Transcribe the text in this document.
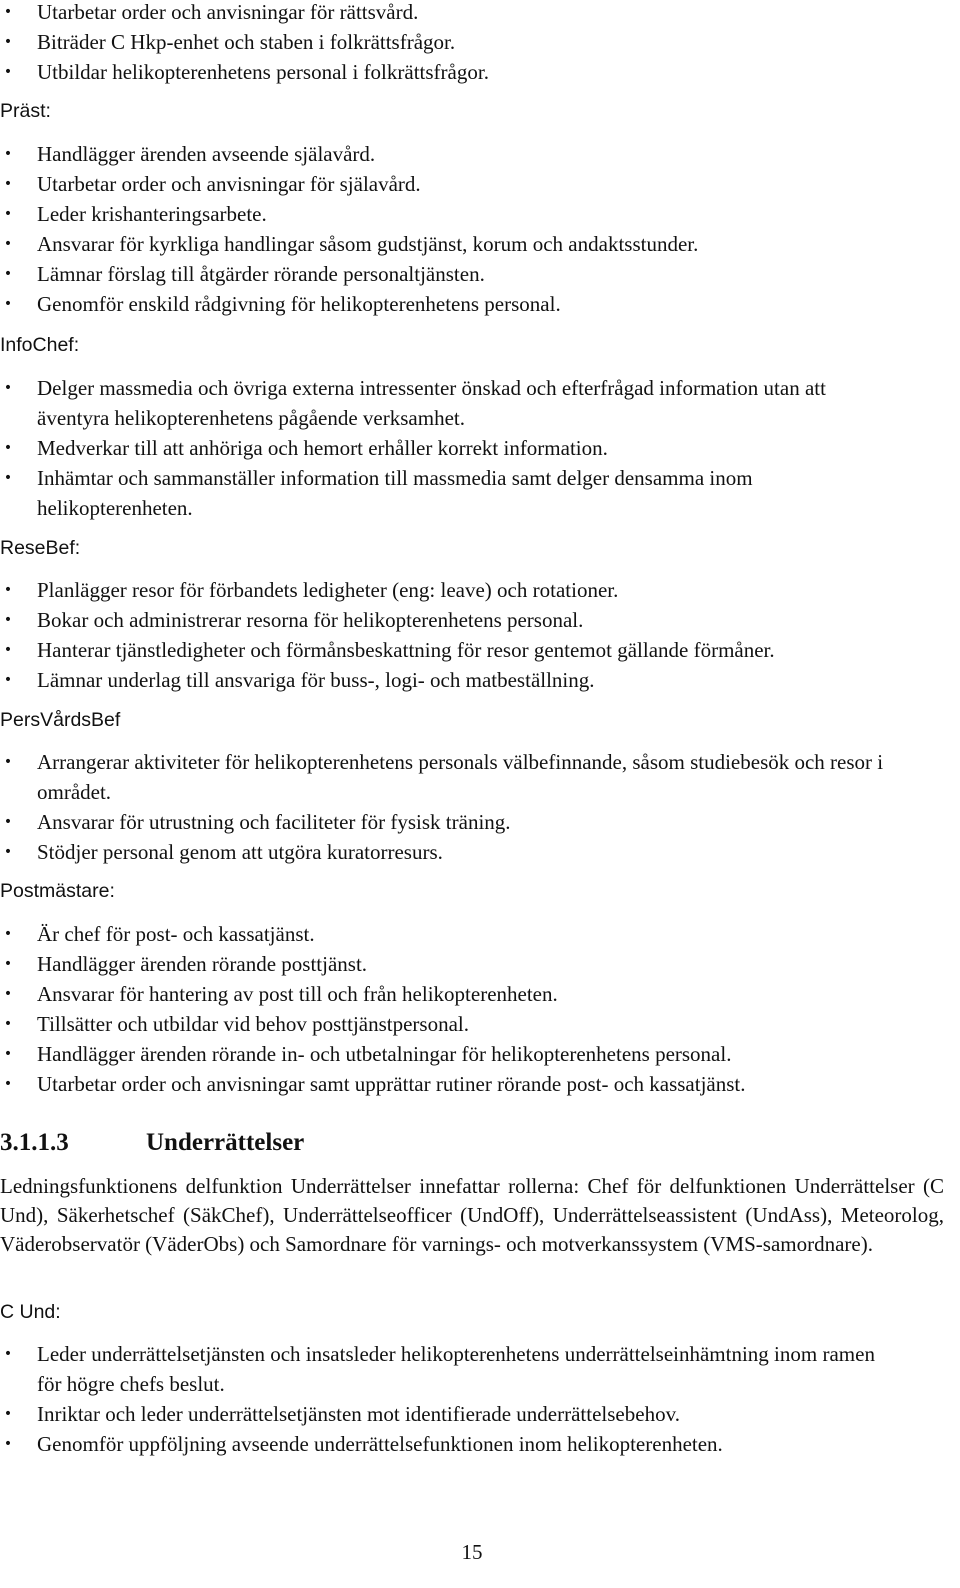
• Utarbetar order och anvisningar för rättsvård.
• Biträder C Hkp-enhet och staben i folkrättsfrågor.
• Utbildar helikopterenhetens personal i folkrättsfrågor.
Präst:
• Handlägger ärenden avseende själavård.
• Utarbetar order och anvisningar för själavård.
• Leder krishanteringsarbete.
• Ansvarar för kyrkliga handlingar såsom gudstjänst, korum och andaktsstunder.
• Lämnar förslag till åtgärder rörande personaltjänsten.
• Genomför enskild rådgivning för helikopterenhetens personal.
InfoChef:
• Delger massmedia och övriga externa intressenter önskad och efterfrågad information utan att äventyra helikopterenhetens pågående verksamhet.
• Medverkar till att anhöriga och hemort erhåller korrekt information.
• Inhämtar och sammanställer information till massmedia samt delger densamma inom helikopterenheten.
ReseBef:
• Planlägger resor för förbandets ledigheter (eng: leave) och rotationer.
• Bokar och administrerar resorna för helikopterenhetens personal.
• Hanterar tjänstledigheter och förmånsbeskattning för resor gentemot gällande förmåner.
• Lämnar underlag till ansvariga för buss-, logi- och matbeställning.
PersVårdsBef
• Arrangerar aktiviteter för helikopterenhetens personals välbefinnande, såsom studiebesök och resor i området.
• Ansvarar för utrustning och faciliteter för fysisk träning.
• Stödjer personal genom att utgöra kuratorresurs.
Postmästare:
• Är chef för post- och kassatjänst.
• Handlägger ärenden rörande posttjänst.
• Ansvarar för hantering av post till och från helikopterenheten.
• Tillsätter och utbildar vid behov posttjänstpersonal.
• Handlägger ärenden rörande in- och utbetalningar för helikopterenhetens personal.
• Utarbetar order och anvisningar samt upprättar rutiner rörande post- och kassatjänst.
3.1.1.3	Underrättelser
Ledningsfunktionens delfunktion Underrättelser innefattar rollerna: Chef för delfunktionen Underrättelser (C Und), Säkerhetschef (SäkChef), Underrättelseofficer (UndOff), Underrättelseassistent (UndAss), Meteorolog, Väderobservatör (VäderObs) och Samordnare för varnings- och motverkanssystem (VMS-samordnare).
C Und:
• Leder underrättelsetjänsten och insatsleder helikopterenhetens underrättelseinhämtning inom ramen för högre chefs beslut.
• Inriktar och leder underrättelsetjänsten mot identifierade underrättelsebehov.
• Genomför uppföljning avseende underrättelsefunktionen inom helikopterenheten.
15
